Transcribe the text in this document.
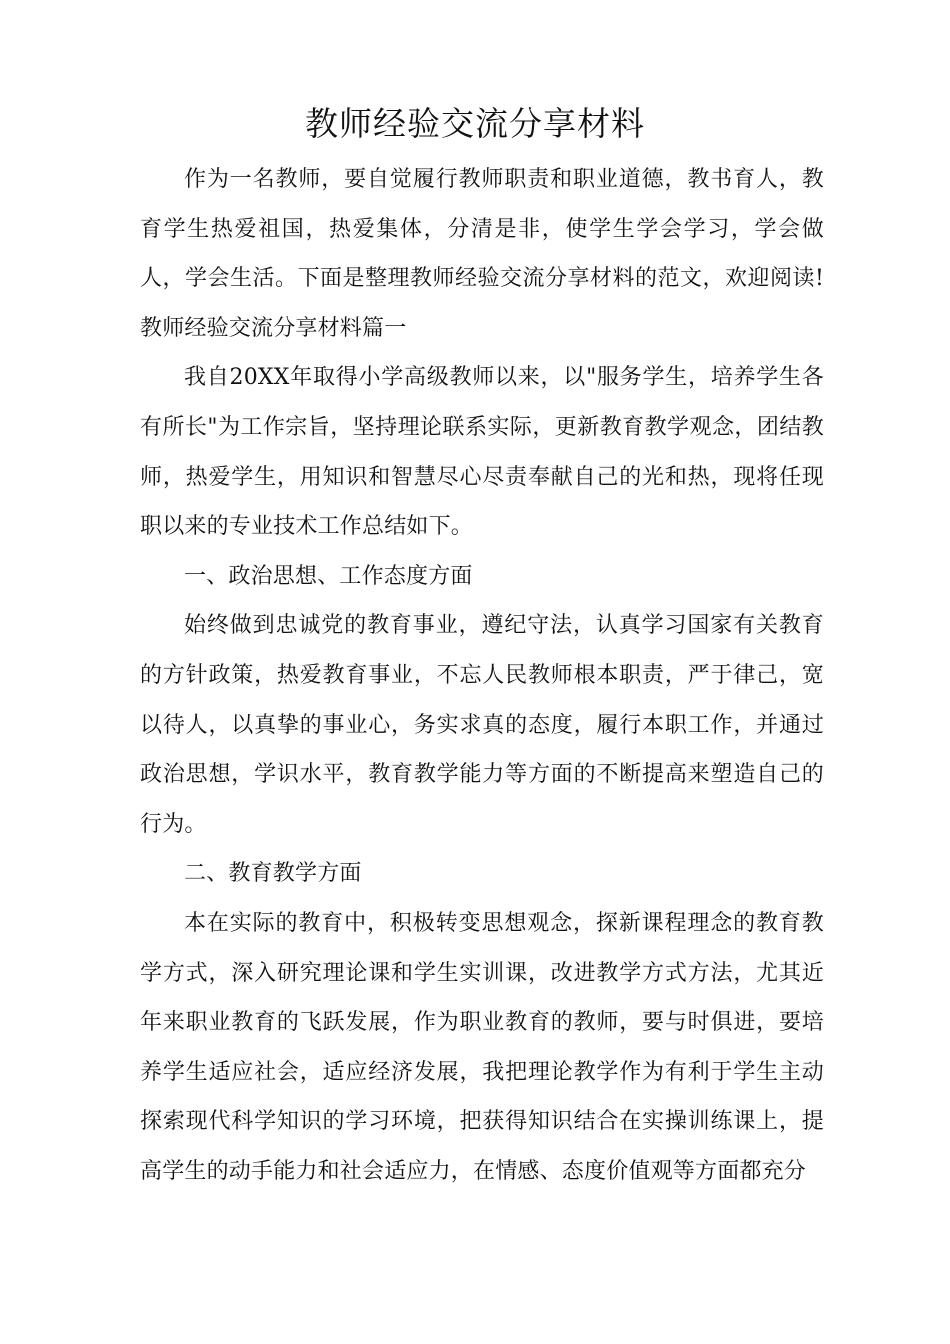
教师经验交流分享材料

作为一名教师，要自觉履行教师职责和职业道德，教书育人，教育学生热爱祖国，热爱集体，分清是非，使学生学会学习，学会做人，学会生活。下面是整理教师经验交流分享材料的范文，欢迎阅读!教师经验交流分享材料篇一

我自20XX年取得小学高级教师以来，以"服务学生，培养学生各有所长"为工作宗旨，坚持理论联系实际，更新教育教学观念，团结教师，热爱学生，用知识和智慧尽心尽责奉献自己的光和热，现将任现职以来的专业技术工作总结如下。

一、政治思想、工作态度方面

始终做到忠诚党的教育事业，遵纪守法，认真学习国家有关教育的方针政策，热爱教育事业，不忘人民教师根本职责，严于律己，宽以待人，以真挚的事业心，务实求真的态度，履行本职工作，并通过政治思想，学识水平，教育教学能力等方面的不断提高来塑造自己的行为。

二、教育教学方面

本在实际的教育中，积极转变思想观念，探新课程理念的教育教学方式，深入研究理论课和学生实训课，改进教学方式方法，尤其近年来职业教育的飞跃发展，作为职业教育的教师，要与时俱进，要培养学生适应社会，适应经济发展，我把理论教学作为有利于学生主动探索现代科学知识的学习环境，把获得知识结合在实操训练课上，提高学生的动手能力和社会适应力，在情感、态度价值观等方面都充分
